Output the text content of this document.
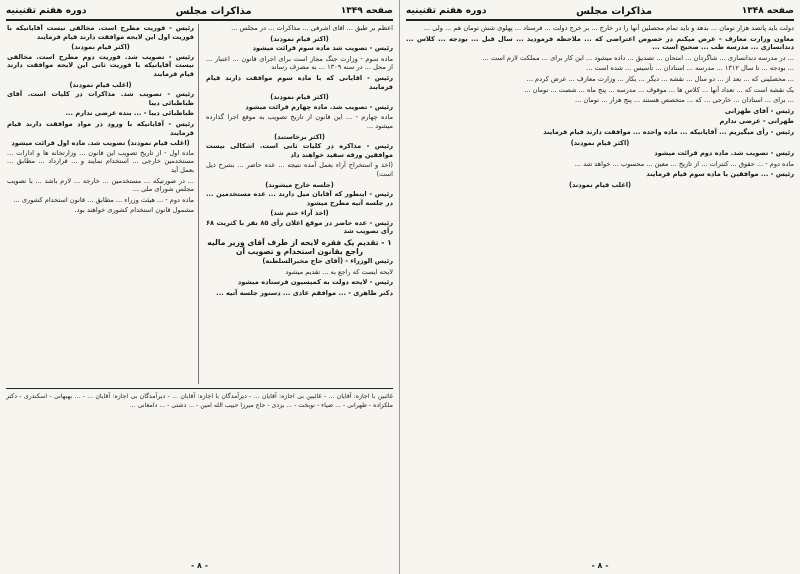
صفحه ۱۳۴۹
مذاکرات مجلس
دوره هفتم تقنینیه

اعظم بر طبق ... اقای اشرفی ... مذاکرات ... در مجلس ...

(اکثر قیام نمودند)

رئیس - تصویب شد ماده سوم قرائت میشود

ماده سوم - وزارت جنگ مجاز است برای اجرای قانون ... اعتبار ... از محل ... در سنه ۱۳۰۹ ... به مصرف رساند

رئیس - اقایانی که با ماده سوم موافقت دارند قیام فرمایند

(اکثر قیام نمودند)

رئیس - تصویب شد. ماده چهارم قرائت میشود

ماده چهارم - ... این قانون از تاریخ تصویب به موقع اجرا گذارده میشود ...

(اکثر برخاستند)

رئیس - مذاکره در کلیات ثانی است. اشکالی نیست موافقین ورقه سفید خواهند داد

(اخذ و استخراج آراء بعمل آمده نتیجه ... عده حاضر ... بشرح ذیل است)

(جلسه خارج میشوند)

رئیس - اینطور که آقایان میل دارند ... عده مستخدمین ... در جلسه آتیه مطرح میشود

(اخذ آراء ختم شد)

رئیس - عده حاضر در موقع اعلان رأی ۸۵ نفر با کثریت ۶۸ رأی تصویب شد

۱ - تقدیم یک فقره لایحه از طرف آقای وزیر مالیه راجع بقانون استخدام و تصویب آن

رئیس الوزراء - (آقای حاج مخبرالسلطنه)

لایحه ایست که راجع به ... تقدیم میشود

رئیس - لایحه دولت به کمیسیون فرستاده میشود

دکتر طاهری - ... موافقم عادی ... دستور جلسه آتیه ...

رئیس - فوریت مطرح است. مخالفی نیست آقایانیکه با فوریت اول این لایحه موافقت دارند قیام فرمایند

(اکثر قیام نمودند)

رئیس - تصویب شد. فوریت دوم مطرح است. مخالفی نیست آقایانیکه با فوریت ثانی این لایحه موافقت دارند قیام فرمایند

(اغلب قیام نمودند)

رئیس - تصویب شد. مذاکرات در کلیات است. آقای طباطبائی دیبا

طباطبائی دیبا - ... بنده عرضی ندارم ...

رئیس - آقایانیکه با ورود در مواد موافقت دارند قیام فرمایند

(اغلب قیام نمودند) تصویب شد. ماده اول قرائت میشود

ماده اول - از تاریخ تصویب این قانون ... وزارتخانه ها و ادارات ... مستخدمین خارجی ... استخدام نمایند و ... قرارداد ... مطابق ... بعمل آید

... در صورتیکه ... مستخدمین ... خارجه ... لازم باشد ... با تصویب مجلس شورای ملی ...

ماده دوم - ... هیئت وزراء ... مطابق ... قانون استخدام کشوری ...

مشمول قانون استخدام کشوری خواهند بود.

غائبین با اجازه: آقایان ... - غائبین بی اجازه: آقایان ... - دیرآمدگان با اجازه: آقایان ... - دیرآمدگان بی اجازه: آقایان ... - ... بهبهانی - اسکندری - دکتر ملکزاده - طهرانی - ... ضیاء - نوبخت - ... یزدی - حاج میرزا حبیب الله امین - ... دشتی - ... دامغانی ...
- ۸ -
صفحه ۱۳۴۸
مذاکرات مجلس
دوره هفتم تقنینیه

دولت باید پانصد هزار تومان ... بدهد و باید تمام محصلین آنها را در خارج ... بر خرج دولت ... فرستاد ... پهلوی شش تومان هم ... ولی ...

معاون وزارت معارف - عرض میکنم در خصوص اعتراضی که ... ملاحظه فرمودید ... سال قبل ... بودجه ... کلاس ... دندانسازی ... مدرسه طب ... صحیح است ...

... در مدرسه دندانسازی ... شاگردان ... امتحان ... تصدیق ... داده میشود ... این کار برای ... مملکت لازم است ...

... بودجه ... تا سال ۱۳۱۲ ... مدرسه ... استادان ... تأسیس ... شده است ...

... محصلینی که ... بعد از ... دو سال ... نقشه ... دیگر ... بکار ... وزارت معارف ... عرض کردم ...

یک نقشه است که ... تعداد آنها ... کلاس ها ... موقوف ... مدرسه ... پنج ماه ... شصت ... تومان ...

... برای ... استادان ... خارجی ... که ... متخصص هستند ... پنج هزار ... تومان ...

رئیس - آقای طهرانی

طهرانی - عرضی ندارم

رئیس - رأی میگیریم ... آقایانیکه ... ماده واحده ... موافقت دارند قیام فرمایند

(اکثر قیام نمودند)

رئیس - تصویب شد. ماده دوم قرائت میشود

ماده دوم - ... حقوق ... کنترات ... از تاریخ ... معین ... محسوب ... خواهد شد ...

رئیس - ... موافقین با ماده سوم قیام فرمایند

(اغلب قیام نمودند)

- ۸ -
